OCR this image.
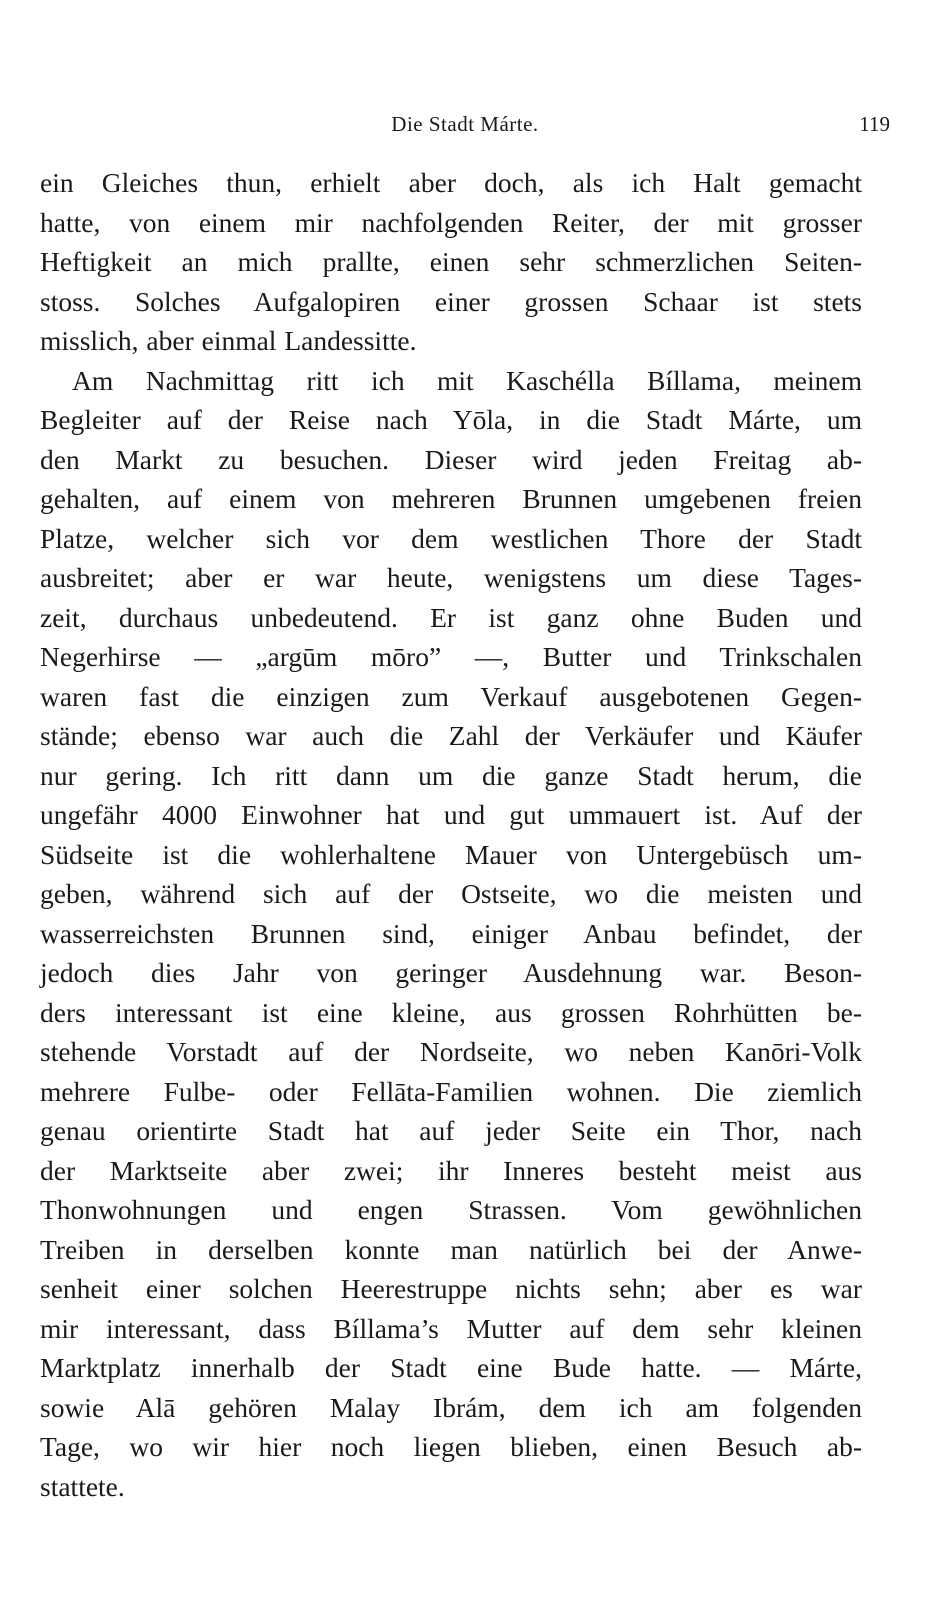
Die Stadt Márte.	119
ein Gleiches thun, erhielt aber doch, als ich Halt gemacht
hatte, von einem mir nachfolgenden Reiter, der mit grosser
Heftigkeit an mich prallte, einen sehr schmerzlichen Seiten-
stoss. Solches Aufgalopiren einer grossen Schaar ist stets
misslich, aber einmal Landessitte.
Am Nachmittag ritt ich mit Kaschélla Bíllama, meinem
Begleiter auf der Reise nach Yōla, in die Stadt Márte, um
den Markt zu besuchen. Dieser wird jeden Freitag ab-
gehalten, auf einem von mehreren Brunnen umgebenen freien
Platze, welcher sich vor dem westlichen Thore der Stadt
ausbreitet; aber er war heute, wenigstens um diese Tages-
zeit, durchaus unbedeutend. Er ist ganz ohne Buden und
Negerhirse — „argūm mōro” —, Butter und Trinkschalen
waren fast die einzigen zum Verkauf ausgebotenen Gegen-
stände; ebenso war auch die Zahl der Verkäufer und Käufer
nur gering. Ich ritt dann um die ganze Stadt herum, die
ungefähr 4000 Einwohner hat und gut ummauert ist. Auf der
Südseite ist die wohlerhaltene Mauer von Untergebüsch um-
geben, während sich auf der Ostseite, wo die meisten und
wasserreichsten Brunnen sind, einiger Anbau befindet, der
jedoch dies Jahr von geringer Ausdehnung war. Beson-
ders interessant ist eine kleine, aus grossen Rohrhütten be-
stehende Vorstadt auf der Nordseite, wo neben Kanōri-Volk
mehrere Fulbe- oder Fellāta-Familien wohnen. Die ziemlich
genau orientirte Stadt hat auf jeder Seite ein Thor, nach
der Marktseite aber zwei; ihr Inneres besteht meist aus
Thonwohnungen und engen Strassen. Vom gewöhnlichen
Treiben in derselben konnte man natürlich bei der Anwe-
senheit einer solchen Heerestruppe nichts sehn; aber es war
mir interessant, dass Bíllama’s Mutter auf dem sehr kleinen
Marktplatz innerhalb der Stadt eine Bude hatte. — Márte,
sowie Alā gehören Malay Ibrám, dem ich am folgenden
Tage, wo wir hier noch liegen blieben, einen Besuch ab-
stattete.
